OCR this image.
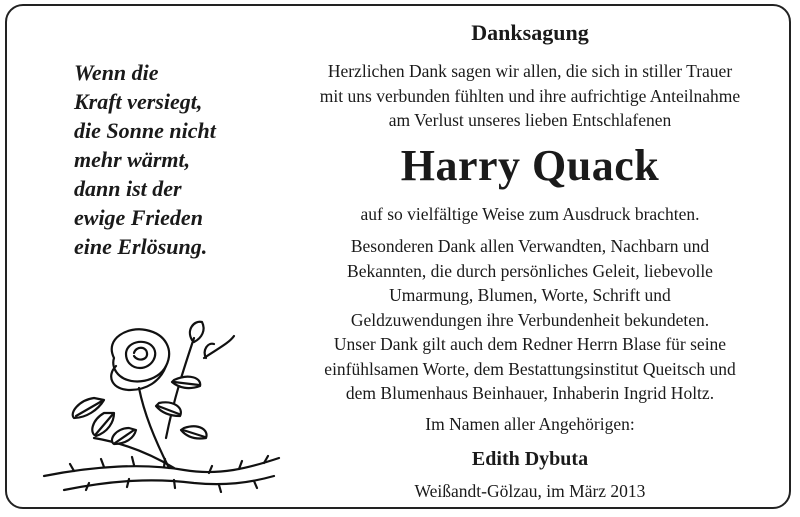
Wenn die
Kraft versiegt,
die Sonne nicht
mehr wärmt,
dann ist der
ewige Frieden
eine Erlösung.
Danksagung
Herzlichen Dank sagen wir allen, die sich in stiller Trauer
mit uns verbunden fühlten und ihre aufrichtige Anteilnahme
am Verlust unseres lieben Entschlafenen
Harry Quack
auf so vielfältige Weise zum Ausdruck brachten.
Besonderen Dank allen Verwandten, Nachbarn und
Bekannten, die durch persönliches Geleit, liebevolle
Umarmung, Blumen, Worte, Schrift und
Geldzuwendungen ihre Verbundenheit bekundeten.
Unser Dank gilt auch dem Redner Herrn Blase für seine
einfühlsamen Worte, dem Bestattungsinstitut Queitsch und
dem Blumenhaus Beinhauer, Inhaberin Ingrid Holtz.
Im Namen aller Angehörigen:
Edith Dybuta
Weißandt-Gölzau, im März 2013
